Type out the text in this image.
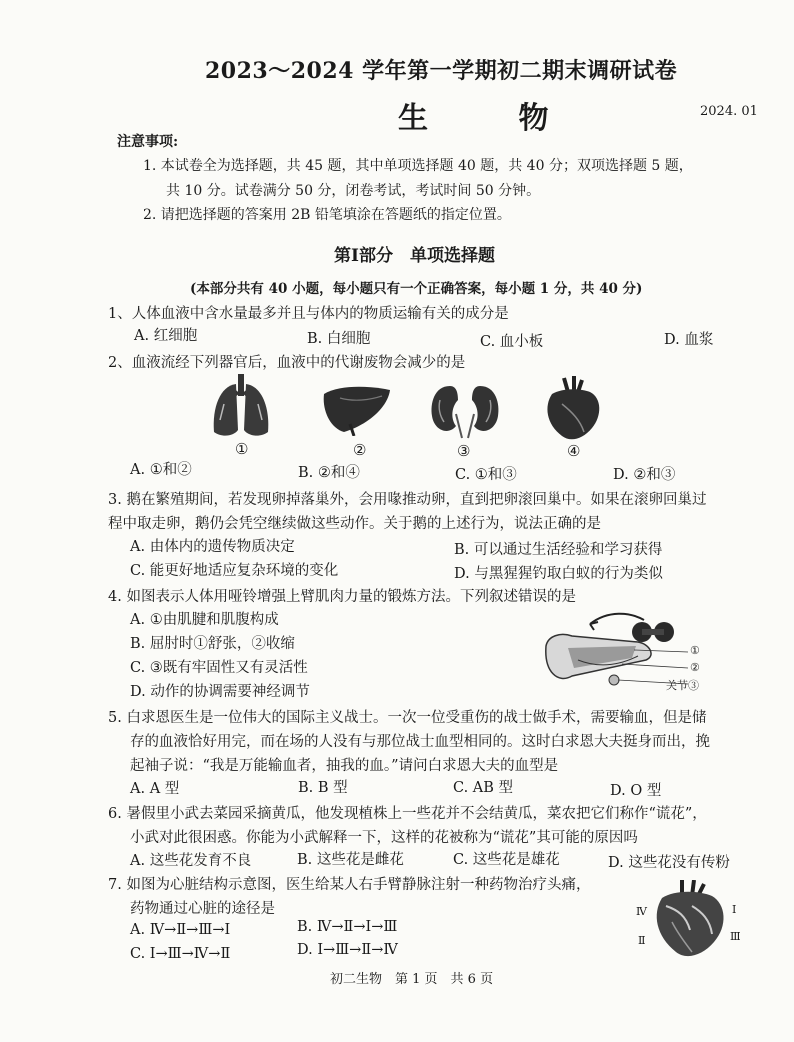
2023～2024 学年第一学期初二期末调研试卷
生 物	2024. 01
注意事项:
1. 本试卷全为选择题，共 45 题，其中单项选择题 40 题，共 40 分；双项选择题 5 题，
共 10 分。试卷满分 50 分，闭卷考试，考试时间 50 分钟。
2. 请把选择题的答案用 2B 铅笔填涂在答题纸的指定位置。
第Ⅰ部分　单项选择题
(本部分共有 40 小题，每小题只有一个正确答案，每小题 1 分，共 40 分)
1、人体血液中含水量最多并且与体内的物质运输有关的成分是
A. 红细胞	B. 白细胞	C. 血小板	D. 血浆
2、血液流经下列器官后，血液中的代谢废物会减少的是
①	②	③	④
A. ①和②	B. ②和④	C. ①和③	D. ②和③
3. 鹅在繁殖期间，若发现卵掉落巢外，会用喙推动卵，直到把卵滚回巢中。如果在滚卵回巢过
程中取走卵，鹅仍会凭空继续做这些动作。关于鹅的上述行为，说法正确的是
A. 由体内的遗传物质决定	B. 可以通过生活经验和学习获得
C. 能更好地适应复杂环境的变化	D. 与黑猩猩钓取白蚁的行为类似
4. 如图表示人体用哑铃增强上臂肌肉力量的锻炼方法。下列叙述错误的是
A. ①由肌腱和肌腹构成
B. 屈肘时①舒张，②收缩
C. ③既有牢固性又有灵活性
D. 动作的协调需要神经调节
①
②
关节③
5. 白求恩医生是一位伟大的国际主义战士。一次一位受重伤的战士做手术，需要输血，但是储
存的血液恰好用完，而在场的人没有与那位战士血型相同的。这时白求恩大夫挺身而出，挽
起袖子说：“我是万能输血者，抽我的血。”请问白求恩大夫的血型是
A. A 型	B. B 型	C. AB 型	D. O 型
6. 暑假里小武去菜园采摘黄瓜，他发现植株上一些花并不会结黄瓜，菜农把它们称作“谎花”，
小武对此很困惑。你能为小武解释一下，这样的花被称为“谎花”其可能的原因吗
A. 这些花发育不良	B. 这些花是雌花	C. 这些花是雄花	D. 这些花没有传粉
7. 如图为心脏结构示意图，医生给某人右手臂静脉注射一种药物治疗头痛，
药物通过心脏的途径是
A. Ⅳ→Ⅱ→Ⅲ→Ⅰ	B. Ⅳ→Ⅱ→Ⅰ→Ⅲ
C. Ⅰ→Ⅲ→Ⅳ→Ⅱ	D. Ⅰ→Ⅲ→Ⅱ→Ⅳ
Ⅳ	Ⅰ
Ⅱ	Ⅲ
初二生物　第 1 页　共 6 页
